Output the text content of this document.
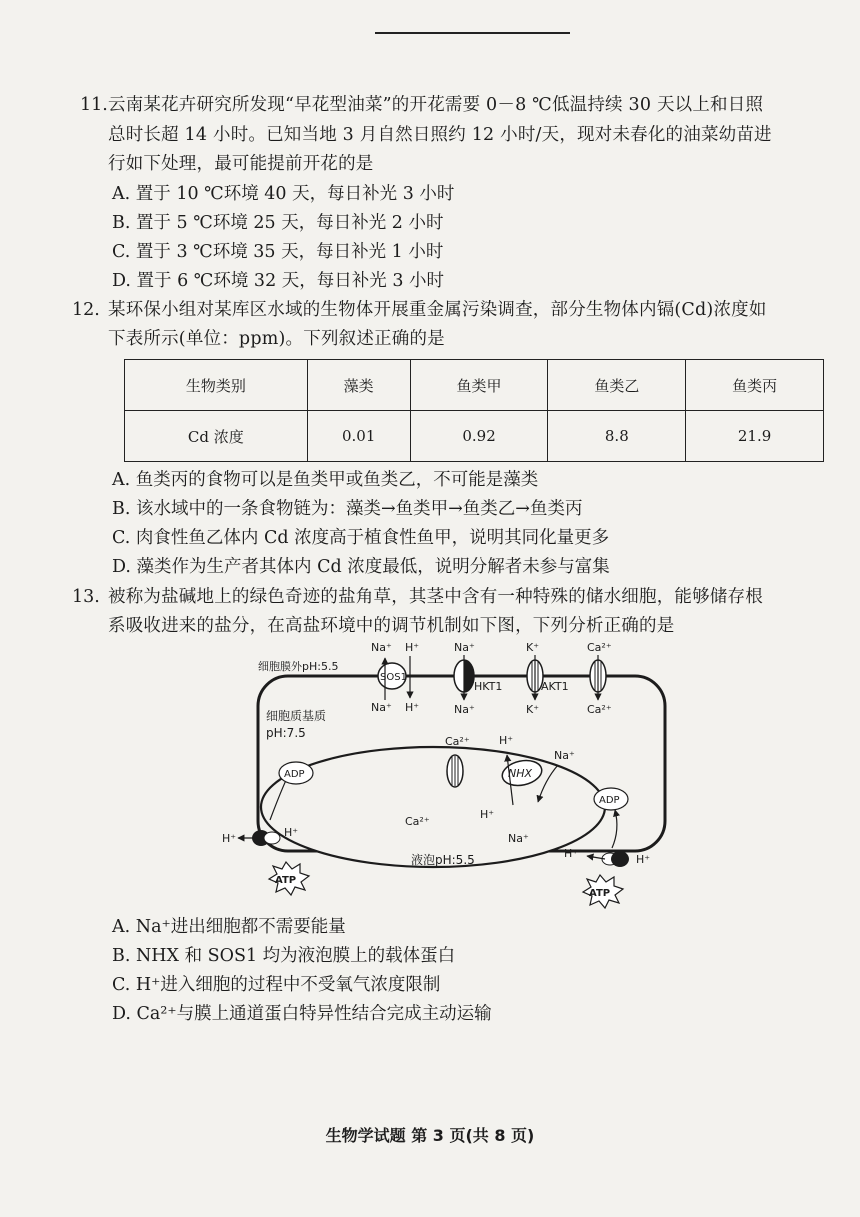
11. 云南某花卉研究所发现“早花型油菜”的开花需要 0－8 ℃低温持续 30 天以上和日照
总时长超 14 小时。已知当地 3 月自然日照约 12 小时/天，现对未春化的油菜幼苗进
行如下处理，最可能提前开花的是
A. 置于 10 ℃环境 40 天，每日补光 3 小时
B. 置于 5 ℃环境 25 天，每日补光 2 小时
C. 置于 3 ℃环境 35 天，每日补光 1 小时
D. 置于 6 ℃环境 32 天，每日补光 3 小时
12. 某环保小组对某库区水域的生物体开展重金属污染调查，部分生物体内镉(Cd)浓度如
下表所示(单位：ppm)。下列叙述正确的是
生物类别	藻类	鱼类甲	鱼类乙	鱼类丙
Cd 浓度	0.01	0.92	8.8	21.9
A. 鱼类丙的食物可以是鱼类甲或鱼类乙，不可能是藻类
B. 该水域中的一条食物链为：藻类→鱼类甲→鱼类乙→鱼类丙
C. 肉食性鱼乙体内 Cd 浓度高于植食性鱼甲，说明其同化量更多
D. 藻类作为生产者其体内 Cd 浓度最低，说明分解者未参与富集
13. 被称为盐碱地上的绿色奇迹的盐角草，其茎中含有一种特殊的储水细胞，能够储存根
系吸收进来的盐分，在高盐环境中的调节机制如下图，下列分析正确的是
细胞膜外pH:5.5
细胞质基质
pH:7.5
液泡pH:5.5
SOS1
Na⁺ H⁺
Na⁺ H⁺
HKT1
Na⁺
Na⁺
AKT1
K⁺
K⁺
Ca²⁺
Ca²⁺
Ca²⁺
Ca²⁺
NHX
H⁺
Na⁺
H⁺
Na⁺
H⁺	H⁺
ADP
ATP
H⁺	H⁺
ADP
ATP
A. Na⁺进出细胞都不需要能量
B. NHX 和 SOS1 均为液泡膜上的载体蛋白
C. H⁺进入细胞的过程中不受氧气浓度限制
D. Ca²⁺与膜上通道蛋白特异性结合完成主动运输
生物学试题 第 3 页(共 8 页)
